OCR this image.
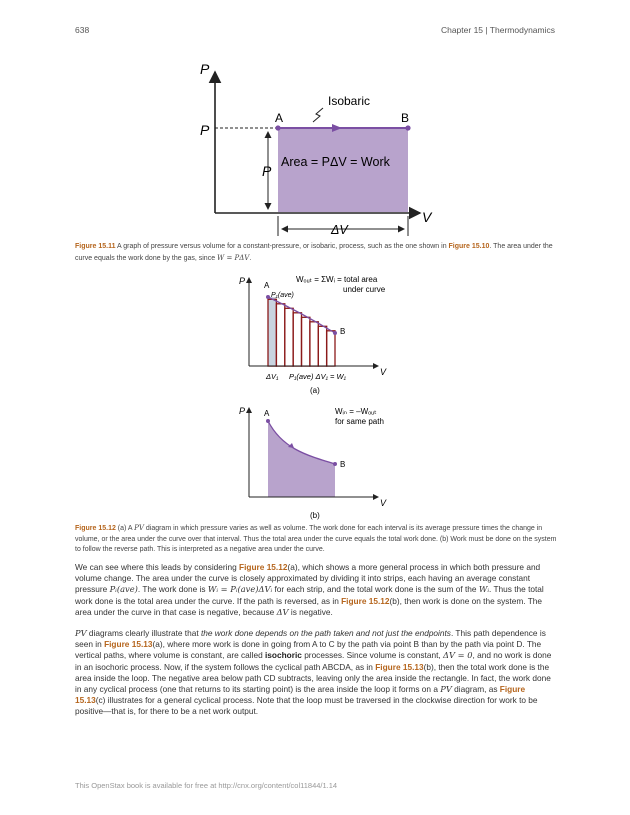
638	Chapter 15 | Thermodynamics
P
V
P
P
A	B
Isobaric
Area = PΔV = Work
ΔV
Figure 15.11 A graph of pressure versus volume for a constant-pressure, or isobaric, process, such as the one shown in Figure 15.10. The area under the curve equals the work done by the gas, since W = PΔV.
P
V
A
B
P₁(ave)
Wₒᵤₜ = ΣWᵢ = total area
under curve
ΔV₁ P₁(ave) ΔV₁ = W₁
(a)
P
V
A
B
Wᵢₙ = –Wₒᵤₜ
for same path
(b)
Figure 15.12 (a) A PV diagram in which pressure varies as well as volume. The work done for each interval is its average pressure times the change in volume, or the area under the curve over that interval. Thus the total area under the curve equals the total work done. (b) Work must be done on the system to follow the reverse path. This is interpreted as a negative area under the curve.

We can see where this leads by considering Figure 15.12(a), which shows a more general process in which both pressure and volume change. The area under the curve is closely approximated by dividing it into strips, each having an average constant pressure Pᵢ(ave). The work done is Wᵢ = Pᵢ(ave)ΔVᵢ for each strip, and the total work done is the sum of the Wᵢ. Thus the total work done is the total area under the curve. If the path is reversed, as in Figure 15.12(b), then work is done on the system. The area under the curve in that case is negative, because ΔV is negative.

PV diagrams clearly illustrate that the work done depends on the path taken and not just the endpoints. This path dependence is seen in Figure 15.13(a), where more work is done in going from A to C by the path via point B than by the path via point D. The vertical paths, where volume is constant, are called isochoric processes. Since volume is constant, ΔV = 0, and no work is done in an isochoric process. Now, if the system follows the cyclical path ABCDA, as in Figure 15.13(b), then the total work done is the area inside the loop. The negative area below path CD subtracts, leaving only the area inside the rectangle. In fact, the work done in any cyclical process (one that returns to its starting point) is the area inside the loop it forms on a PV diagram, as Figure 15.13(c) illustrates for a general cyclical process. Note that the loop must be traversed in the clockwise direction for work to be positive—that is, for there to be a net work output.

This OpenStax book is available for free at http://cnx.org/content/col11844/1.14
